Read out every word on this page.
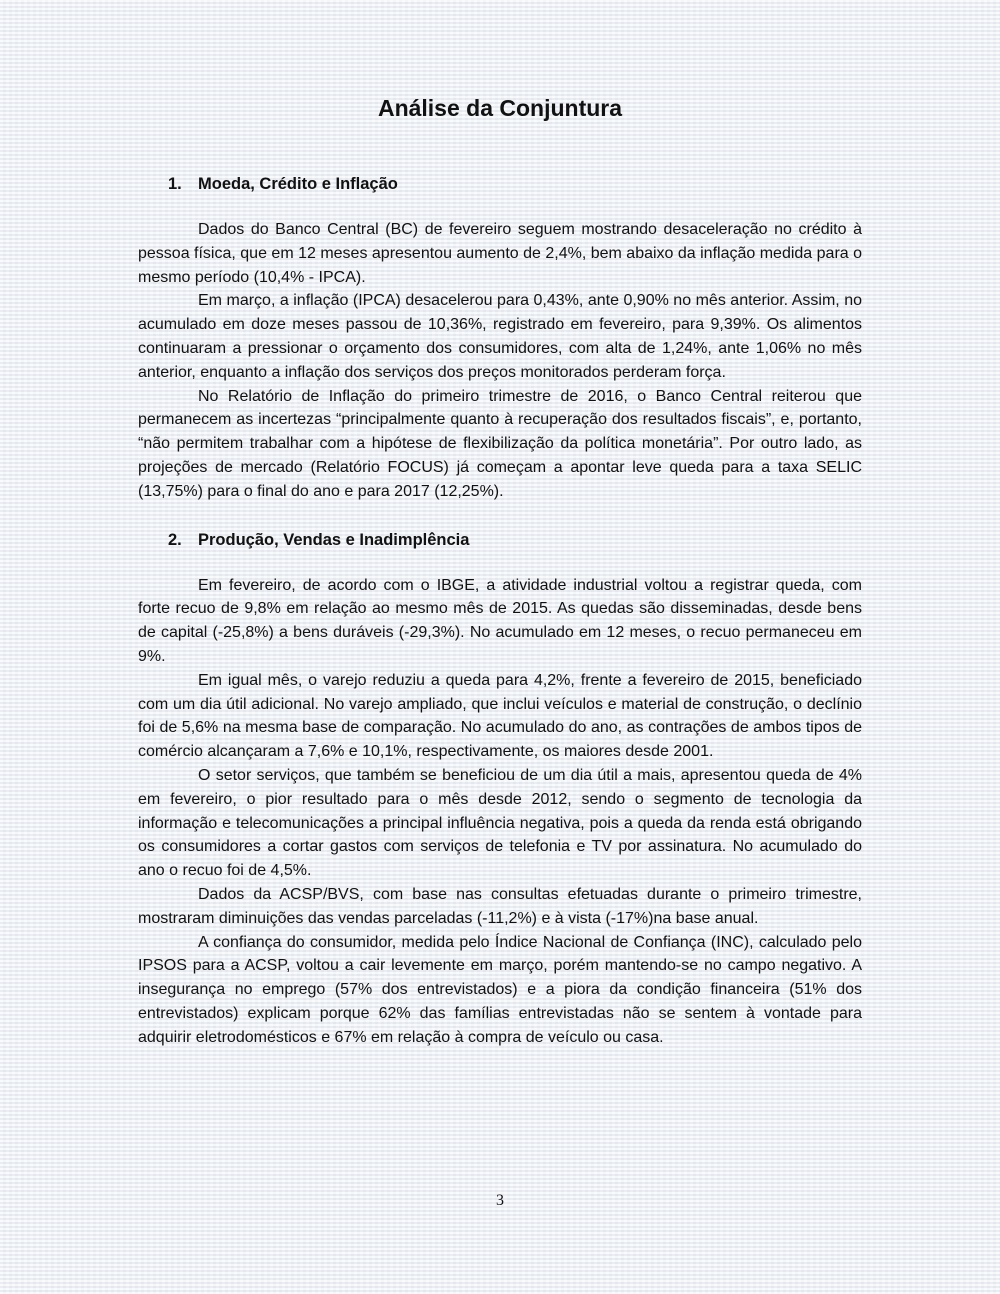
Análise da Conjuntura
1. Moeda, Crédito e Inflação

Dados do Banco Central (BC) de fevereiro seguem mostrando desaceleração no crédito à pessoa física, que em 12 meses apresentou aumento de 2,4%, bem abaixo da inflação medida para o mesmo período (10,4% - IPCA).

Em março, a inflação (IPCA) desacelerou para 0,43%, ante 0,90% no mês anterior. Assim, no acumulado em doze meses passou de 10,36%, registrado em fevereiro, para 9,39%. Os alimentos continuaram a pressionar o orçamento dos consumidores, com alta de 1,24%, ante 1,06% no mês anterior, enquanto a inflação dos serviços dos preços monitorados perderam força.

No Relatório de Inflação do primeiro trimestre de 2016, o Banco Central reiterou que permanecem as incertezas “principalmente quanto à recuperação dos resultados fiscais”, e, portanto, “não permitem trabalhar com a hipótese de flexibilização da política monetária”. Por outro lado, as projeções de mercado (Relatório FOCUS) já começam a apontar leve queda para a taxa SELIC (13,75%) para o final do ano e para 2017 (12,25%).

2. Produção, Vendas e Inadimplência

Em fevereiro, de acordo com o IBGE, a atividade industrial voltou a registrar queda, com forte recuo de 9,8% em relação ao mesmo mês de 2015. As quedas são disseminadas, desde bens de capital (-25,8%) a bens duráveis (-29,3%). No acumulado em 12 meses, o recuo permaneceu em 9%.

Em igual mês, o varejo reduziu a queda para 4,2%, frente a fevereiro de 2015, beneficiado com um dia útil adicional. No varejo ampliado, que inclui veículos e material de construção, o declínio foi de 5,6% na mesma base de comparação. No acumulado do ano, as contrações de ambos tipos de comércio alcançaram a 7,6% e 10,1%, respectivamente, os maiores desde 2001.

O setor serviços, que também se beneficiou de um dia útil a mais, apresentou queda de 4% em fevereiro, o pior resultado para o mês desde 2012, sendo o segmento de tecnologia da informação e telecomunicações a principal influência negativa, pois a queda da renda está obrigando os consumidores a cortar gastos com serviços de telefonia e TV por assinatura. No acumulado do ano o recuo foi de 4,5%.

Dados da ACSP/BVS, com base nas consultas efetuadas durante o primeiro trimestre, mostraram diminuições das vendas parceladas (-11,2%) e à vista (-17%)na base anual.

A confiança do consumidor, medida pelo Índice Nacional de Confiança (INC), calculado pelo IPSOS para a ACSP, voltou a cair levemente em março, porém mantendo-se no campo negativo. A insegurança no emprego (57% dos entrevistados) e a piora da condição financeira (51% dos entrevistados) explicam porque 62% das famílias entrevistadas não se sentem à vontade para adquirir eletrodomésticos e 67% em relação à compra de veículo ou casa.

3
